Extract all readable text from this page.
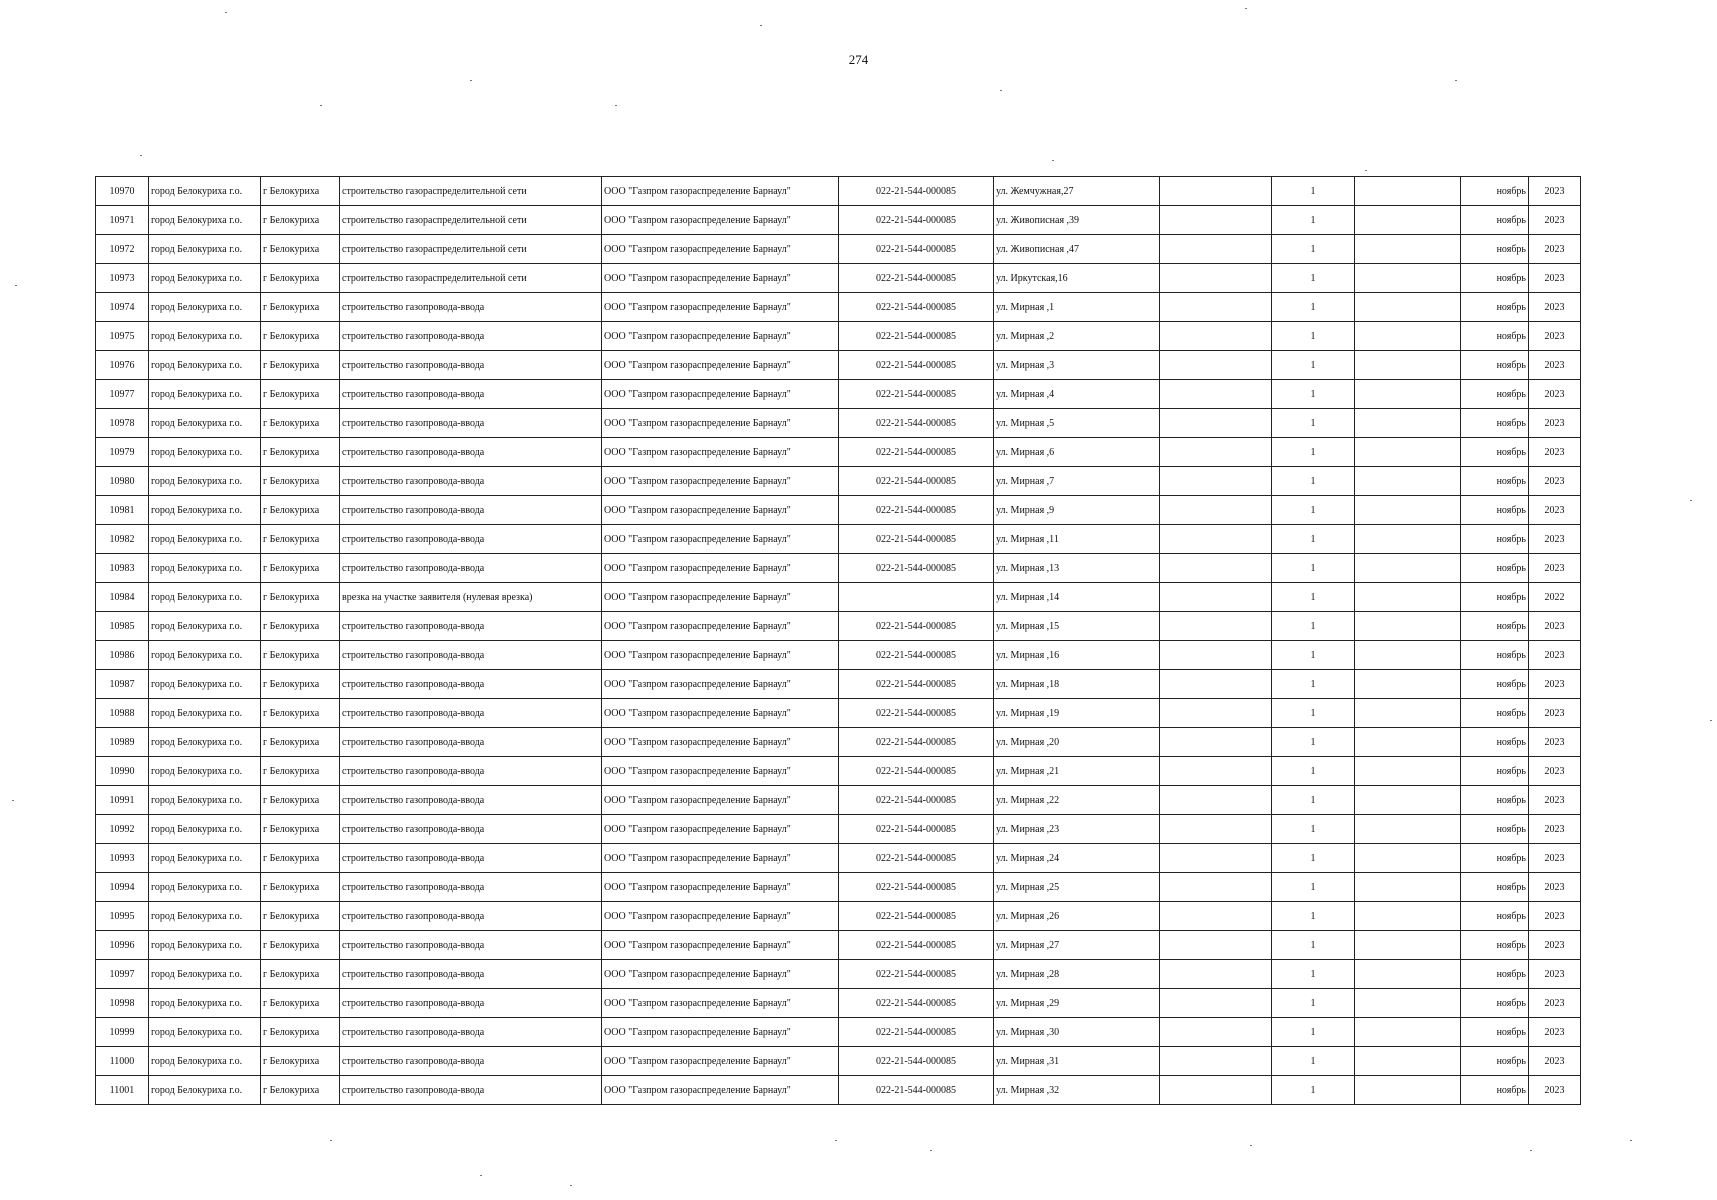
274
10970	город Белокуриха г.о.	г Белокуриха	строительство газораспределительной сети	ООО "Газпром газораспределение Барнаул"	022-21-544-000085	ул. Жемчужная,27		1		ноябрь	2023
10971	город Белокуриха г.о.	г Белокуриха	строительство газораспределительной сети	ООО "Газпром газораспределение Барнаул"	022-21-544-000085	ул. Живописная ,39		1		ноябрь	2023
10972	город Белокуриха г.о.	г Белокуриха	строительство газораспределительной сети	ООО "Газпром газораспределение Барнаул"	022-21-544-000085	ул. Живописная ,47		1		ноябрь	2023
10973	город Белокуриха г.о.	г Белокуриха	строительство газораспределительной сети	ООО "Газпром газораспределение Барнаул"	022-21-544-000085	ул. Иркутская,16		1		ноябрь	2023
10974	город Белокуриха г.о.	г Белокуриха	строительство газопровода-ввода	ООО "Газпром газораспределение Барнаул"	022-21-544-000085	ул. Мирная ,1		1		ноябрь	2023
10975	город Белокуриха г.о.	г Белокуриха	строительство газопровода-ввода	ООО "Газпром газораспределение Барнаул"	022-21-544-000085	ул. Мирная ,2		1		ноябрь	2023
10976	город Белокуриха г.о.	г Белокуриха	строительство газопровода-ввода	ООО "Газпром газораспределение Барнаул"	022-21-544-000085	ул. Мирная ,3		1		ноябрь	2023
10977	город Белокуриха г.о.	г Белокуриха	строительство газопровода-ввода	ООО "Газпром газораспределение Барнаул"	022-21-544-000085	ул. Мирная ,4		1		ноябрь	2023
10978	город Белокуриха г.о.	г Белокуриха	строительство газопровода-ввода	ООО "Газпром газораспределение Барнаул"	022-21-544-000085	ул. Мирная ,5		1		ноябрь	2023
10979	город Белокуриха г.о.	г Белокуриха	строительство газопровода-ввода	ООО "Газпром газораспределение Барнаул"	022-21-544-000085	ул. Мирная ,6		1		ноябрь	2023
10980	город Белокуриха г.о.	г Белокуриха	строительство газопровода-ввода	ООО "Газпром газораспределение Барнаул"	022-21-544-000085	ул. Мирная ,7		1		ноябрь	2023
10981	город Белокуриха г.о.	г Белокуриха	строительство газопровода-ввода	ООО "Газпром газораспределение Барнаул"	022-21-544-000085	ул. Мирная ,9		1		ноябрь	2023
10982	город Белокуриха г.о.	г Белокуриха	строительство газопровода-ввода	ООО "Газпром газораспределение Барнаул"	022-21-544-000085	ул. Мирная ,11		1		ноябрь	2023
10983	город Белокуриха г.о.	г Белокуриха	строительство газопровода-ввода	ООО "Газпром газораспределение Барнаул"	022-21-544-000085	ул. Мирная ,13		1		ноябрь	2023
10984	город Белокуриха г.о.	г Белокуриха	врезка на участке заявителя (нулевая врезка)	ООО "Газпром газораспределение Барнаул"		ул. Мирная ,14		1		ноябрь	2022
10985	город Белокуриха г.о.	г Белокуриха	строительство газопровода-ввода	ООО "Газпром газораспределение Барнаул"	022-21-544-000085	ул. Мирная ,15		1		ноябрь	2023
10986	город Белокуриха г.о.	г Белокуриха	строительство газопровода-ввода	ООО "Газпром газораспределение Барнаул"	022-21-544-000085	ул. Мирная ,16		1		ноябрь	2023
10987	город Белокуриха г.о.	г Белокуриха	строительство газопровода-ввода	ООО "Газпром газораспределение Барнаул"	022-21-544-000085	ул. Мирная ,18		1		ноябрь	2023
10988	город Белокуриха г.о.	г Белокуриха	строительство газопровода-ввода	ООО "Газпром газораспределение Барнаул"	022-21-544-000085	ул. Мирная ,19		1		ноябрь	2023
10989	город Белокуриха г.о.	г Белокуриха	строительство газопровода-ввода	ООО "Газпром газораспределение Барнаул"	022-21-544-000085	ул. Мирная ,20		1		ноябрь	2023
10990	город Белокуриха г.о.	г Белокуриха	строительство газопровода-ввода	ООО "Газпром газораспределение Барнаул"	022-21-544-000085	ул. Мирная ,21		1		ноябрь	2023
10991	город Белокуриха г.о.	г Белокуриха	строительство газопровода-ввода	ООО "Газпром газораспределение Барнаул"	022-21-544-000085	ул. Мирная ,22		1		ноябрь	2023
10992	город Белокуриха г.о.	г Белокуриха	строительство газопровода-ввода	ООО "Газпром газораспределение Барнаул"	022-21-544-000085	ул. Мирная ,23		1		ноябрь	2023
10993	город Белокуриха г.о.	г Белокуриха	строительство газопровода-ввода	ООО "Газпром газораспределение Барнаул"	022-21-544-000085	ул. Мирная ,24		1		ноябрь	2023
10994	город Белокуриха г.о.	г Белокуриха	строительство газопровода-ввода	ООО "Газпром газораспределение Барнаул"	022-21-544-000085	ул. Мирная ,25		1		ноябрь	2023
10995	город Белокуриха г.о.	г Белокуриха	строительство газопровода-ввода	ООО "Газпром газораспределение Барнаул"	022-21-544-000085	ул. Мирная ,26		1		ноябрь	2023
10996	город Белокуриха г.о.	г Белокуриха	строительство газопровода-ввода	ООО "Газпром газораспределение Барнаул"	022-21-544-000085	ул. Мирная ,27		1		ноябрь	2023
10997	город Белокуриха г.о.	г Белокуриха	строительство газопровода-ввода	ООО "Газпром газораспределение Барнаул"	022-21-544-000085	ул. Мирная ,28		1		ноябрь	2023
10998	город Белокуриха г.о.	г Белокуриха	строительство газопровода-ввода	ООО "Газпром газораспределение Барнаул"	022-21-544-000085	ул. Мирная ,29		1		ноябрь	2023
10999	город Белокуриха г.о.	г Белокуриха	строительство газопровода-ввода	ООО "Газпром газораспределение Барнаул"	022-21-544-000085	ул. Мирная ,30		1		ноябрь	2023
11000	город Белокуриха г.о.	г Белокуриха	строительство газопровода-ввода	ООО "Газпром газораспределение Барнаул"	022-21-544-000085	ул. Мирная ,31		1		ноябрь	2023
11001	город Белокуриха г.о.	г Белокуриха	строительство газопровода-ввода	ООО "Газпром газораспределение Барнаул"	022-21-544-000085	ул. Мирная ,32		1		ноябрь	2023
